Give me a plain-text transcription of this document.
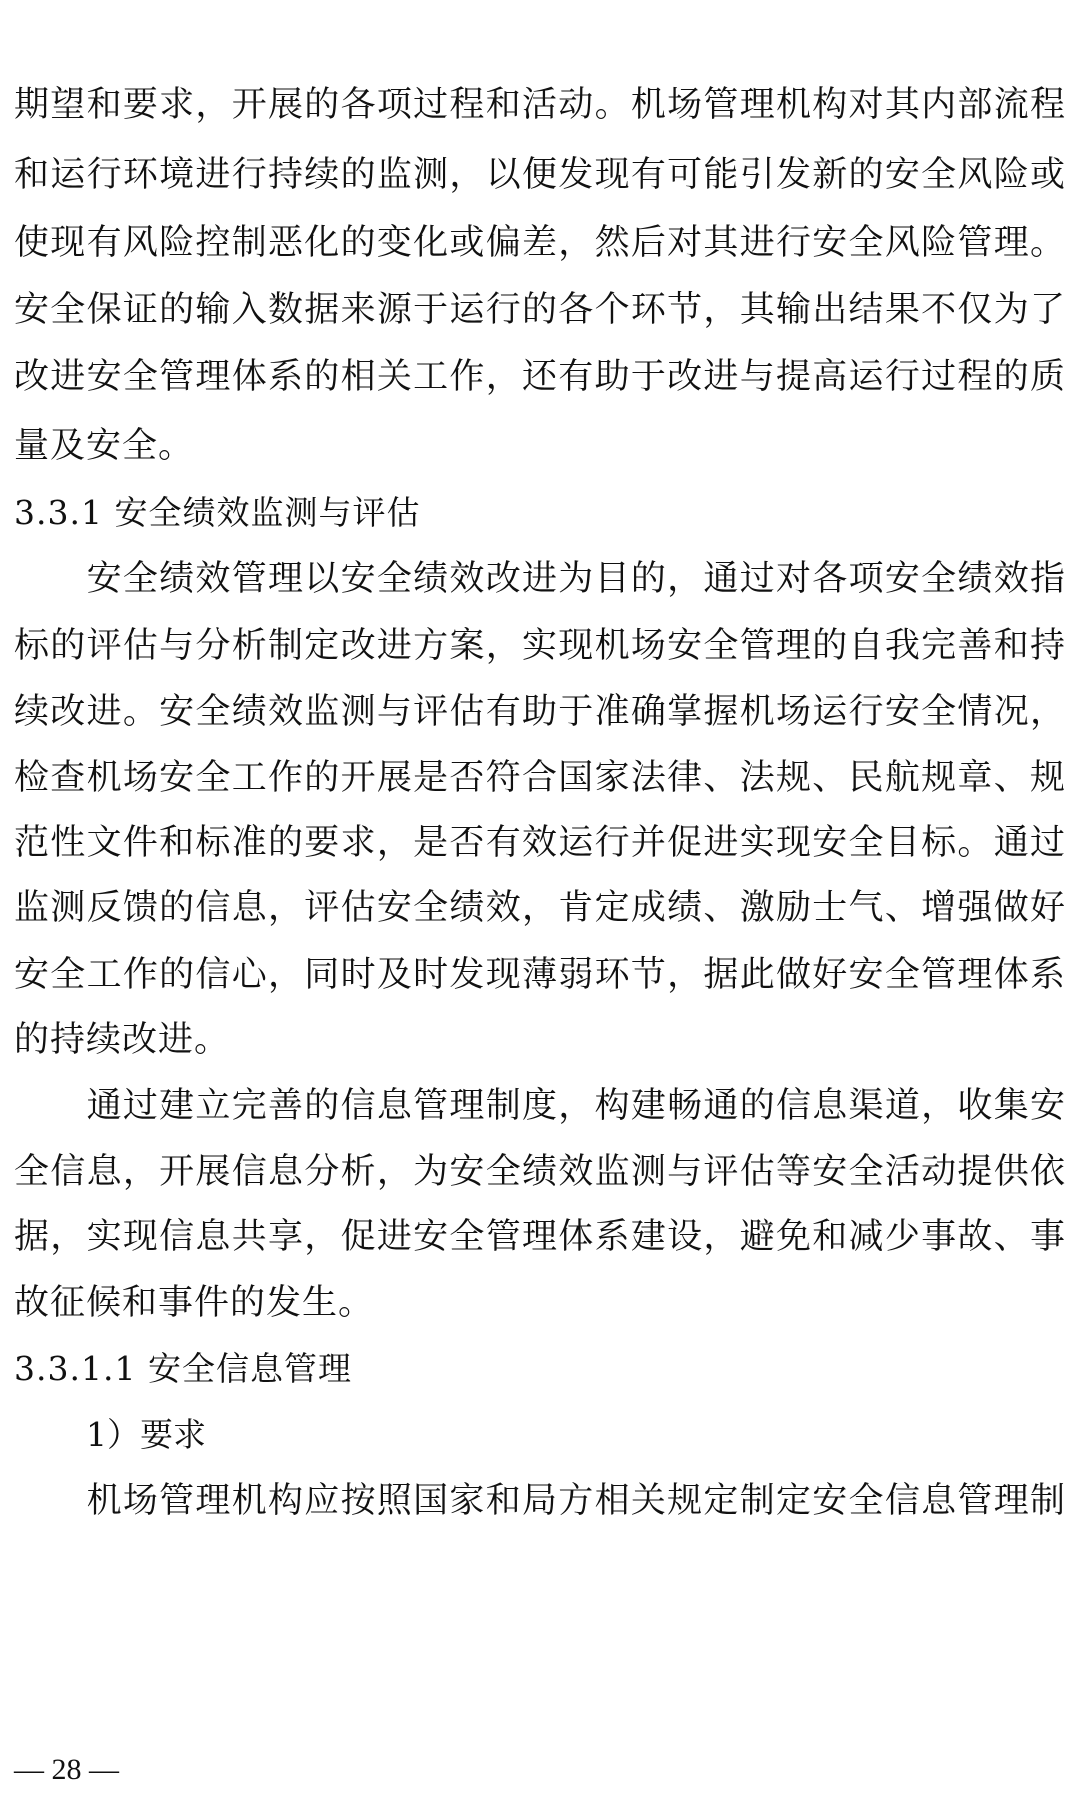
期望和要求，开展的各项过程和活动。机场管理机构对其内部流程
和运行环境进行持续的监测，以便发现有可能引发新的安全风险或
使现有风险控制恶化的变化或偏差，然后对其进行安全风险管理。
安全保证的输入数据来源于运行的各个环节，其输出结果不仅为了
改进安全管理体系的相关工作，还有助于改进与提高运行过程的质
量及安全。
3.3.1 安全绩效监测与评估
　　安全绩效管理以安全绩效改进为目的，通过对各项安全绩效指
标的评估与分析制定改进方案，实现机场安全管理的自我完善和持
续改进。安全绩效监测与评估有助于准确掌握机场运行安全情况，
检查机场安全工作的开展是否符合国家法律、法规、民航规章、规
范性文件和标准的要求，是否有效运行并促进实现安全目标。通过
监测反馈的信息，评估安全绩效，肯定成绩、激励士气、增强做好
安全工作的信心，同时及时发现薄弱环节，据此做好安全管理体系
的持续改进。
　　通过建立完善的信息管理制度，构建畅通的信息渠道，收集安
全信息，开展信息分析，为安全绩效监测与评估等安全活动提供依
据，实现信息共享，促进安全管理体系建设，避免和减少事故、事
故征候和事件的发生。
3.3.1.1 安全信息管理
1）要求
　　机场管理机构应按照国家和局方相关规定制定安全信息管理制
— 28 —
